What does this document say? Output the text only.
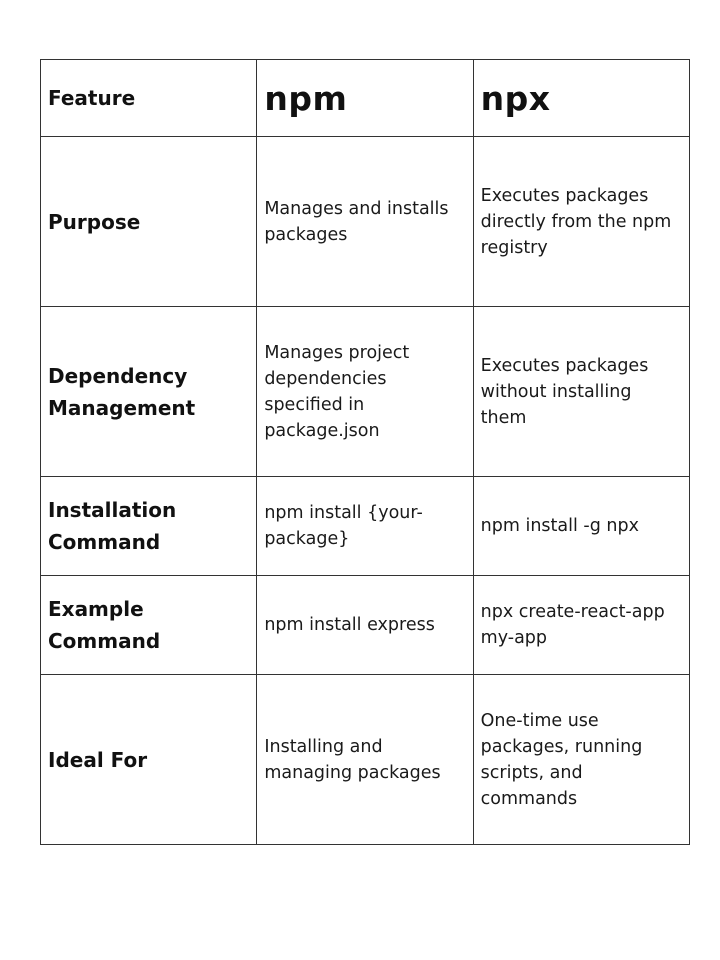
Feature	npm	npx
Purpose	Manages and installs packages	Executes packages directly from the npm registry
Dependency Management	Manages project dependencies specified in package.json	Executes packages without installing them
Installation Command	npm install {your-package}	npm install -g npx
Example Command	npm install express	npx create-react-app my-app
Ideal For	Installing and managing packages	One-time use packages, running scripts, and commands
